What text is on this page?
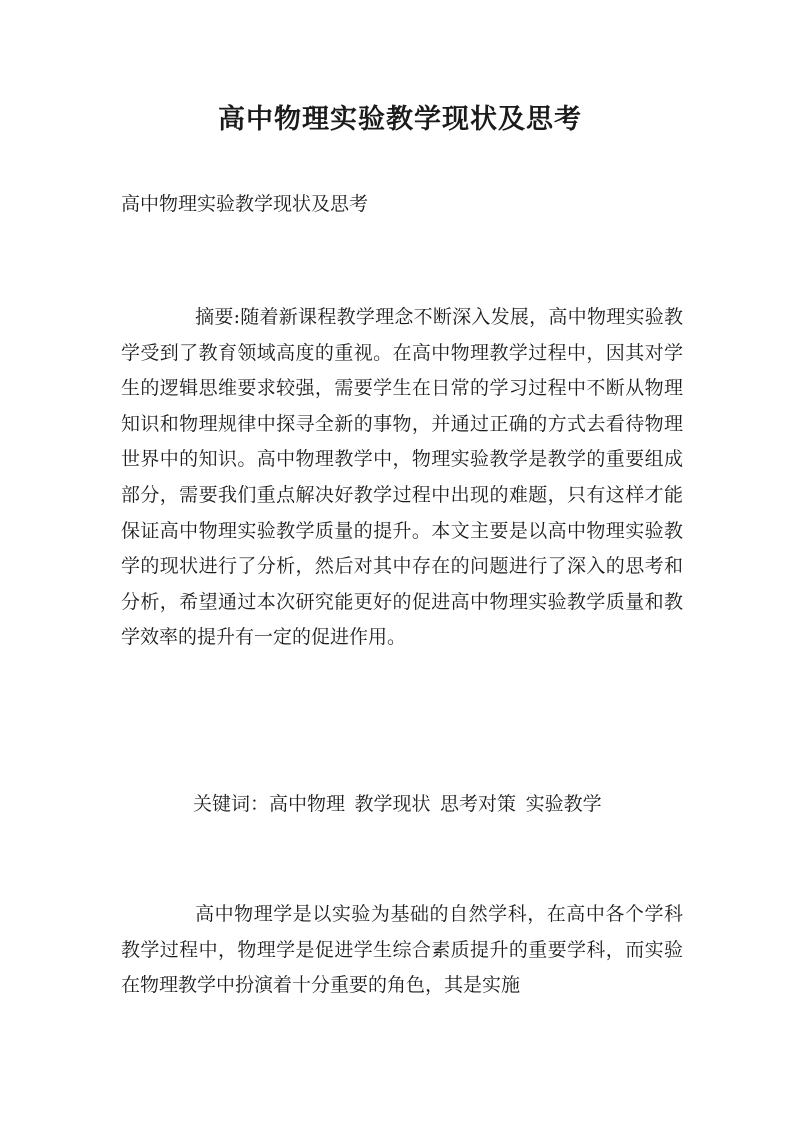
高中物理实验教学现状及思考

高中物理实验教学现状及思考

摘要:随着新课程教学理念不断深入发展，高中物理实验教学受到了教育领域高度的重视。在高中物理教学过程中，因其对学生的逻辑思维要求较强，需要学生在日常的学习过程中不断从物理知识和物理规律中探寻全新的事物，并通过正确的方式去看待物理世界中的知识。高中物理教学中，物理实验教学是教学的重要组成部分，需要我们重点解决好教学过程中出现的难题，只有这样才能保证高中物理实验教学质量的提升。本文主要是以高中物理实验教学的现状进行了分析，然后对其中存在的问题进行了深入的思考和分析，希望通过本次研究能更好的促进高中物理实验教学质量和教学效率的提升有一定的促进作用。

关键词：高中物理 教学现状 思考对策 实验教学

高中物理学是以实验为基础的自然学科，在高中各个学科教学过程中，物理学是促进学生综合素质提升的重要学科，而实验在物理教学中扮演着十分重要的角色，其是实施
